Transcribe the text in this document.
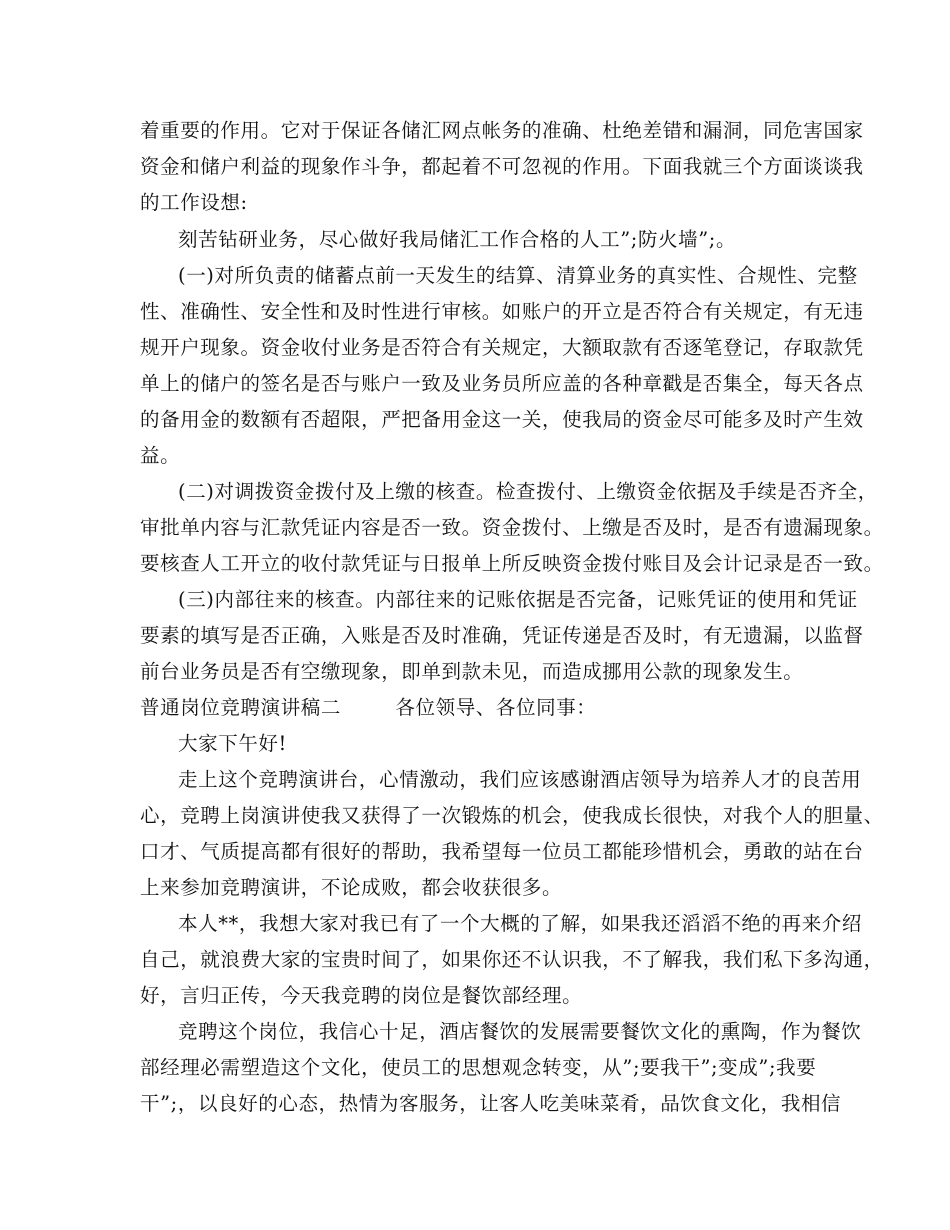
着重要的作用。它对于保证各储汇网点帐务的准确、杜绝差错和漏洞，同危害国家
资金和储户利益的现象作斗争，都起着不可忽视的作用。下面我就三个方面谈谈我
的工作设想:
刻苦钻研业务，尽心做好我局储汇工作合格的人工”;防火墙”;。
(一)对所负责的储蓄点前一天发生的结算、清算业务的真实性、合规性、完整
性、准确性、安全性和及时性进行审核。如账户的开立是否符合有关规定，有无违
规开户现象。资金收付业务是否符合有关规定，大额取款有否逐笔登记，存取款凭
单上的储户的签名是否与账户一致及业务员所应盖的各种章戳是否集全，每天各点
的备用金的数额有否超限，严把备用金这一关，使我局的资金尽可能多及时产生效
益。
(二)对调拨资金拨付及上缴的核查。检查拨付、上缴资金依据及手续是否齐全，
审批单内容与汇款凭证内容是否一致。资金拨付、上缴是否及时，是否有遗漏现象。
要核查人工开立的收付款凭证与日报单上所反映资金拨付账目及会计记录是否一致。
(三)内部往来的核查。内部往来的记账依据是否完备，记账凭证的使用和凭证
要素的填写是否正确，入账是否及时准确，凭证传递是否及时，有无遗漏，以监督
前台业务员是否有空缴现象，即单到款未见，而造成挪用公款的现象发生。
普通岗位竞聘演讲稿二        各位领导、各位同事：
大家下午好!
走上这个竞聘演讲台，心情激动，我们应该感谢酒店领导为培养人才的良苦用
心，竞聘上岗演讲使我又获得了一次锻炼的机会，使我成长很快，对我个人的胆量、
口才、气质提高都有很好的帮助，我希望每一位员工都能珍惜机会，勇敢的站在台
上来参加竞聘演讲，不论成败，都会收获很多。
本人**，我想大家对我已有了一个大概的了解，如果我还滔滔不绝的再来介绍
自己，就浪费大家的宝贵时间了，如果你还不认识我，不了解我，我们私下多沟通，
好，言归正传，今天我竞聘的岗位是餐饮部经理。
竞聘这个岗位，我信心十足，酒店餐饮的发展需要餐饮文化的熏陶，作为餐饮
部经理必需塑造这个文化，使员工的思想观念转变，从”;要我干”;变成”;我要
干”;，以良好的心态，热情为客服务，让客人吃美味菜肴，品饮食文化，我相信
